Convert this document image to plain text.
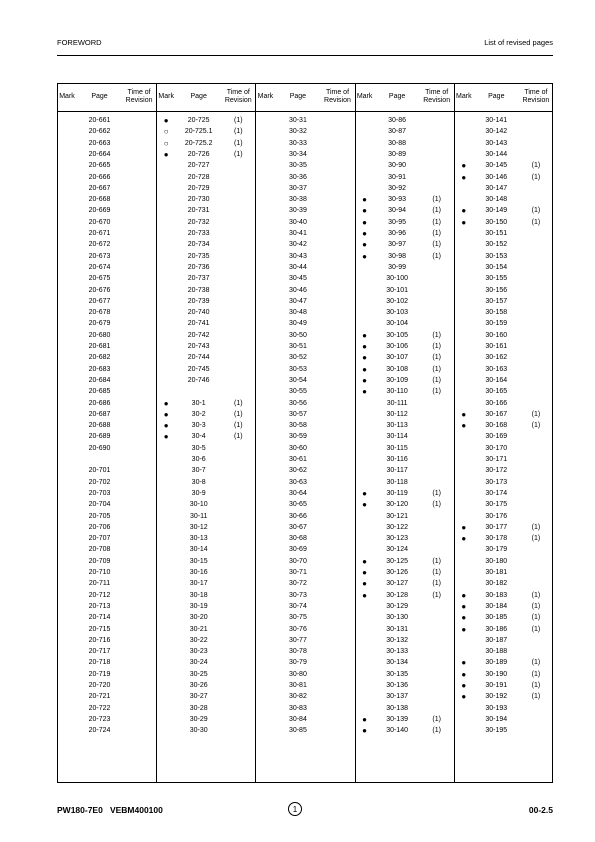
FOREWORD	List of revised pages
Mark	Page
Time of
Revision
20-661
20-662
20-663
20-664
20-665
20-666
20-667
20-668
20-669
20-670
20-671
20-672
20-673
20-674
20-675
20-676
20-677
20-678
20-679
20-680
20-681
20-682
20-683
20-684
20-685
20-686
20-687
20-688
20-689
20-690
20-701
20-702
20-703
20-704
20-705
20-706
20-707
20-708
20-709
20-710
20-711
20-712
20-713
20-714
20-715
20-716
20-717
20-718
20-719
20-720
20-721
20-722
20-723
20-724
Mark	Page
Time of
Revision
●	20-725	(1)
○	20-725.1	(1)
○	20-725.2	(1)
●	20-726	(1)
20-727
20-728
20-729
20-730
20-731
20-732
20-733
20-734
20-735
20-736
20-737
20-738
20-739
20-740
20-741
20-742
20-743
20-744
20-745
20-746
●	30-1	(1)
●	30-2	(1)
●	30-3	(1)
●	30-4	(1)
30-5
30-6
30-7
30-8
30-9
30-10
30-11
30-12
30-13
30-14
30-15
30-16
30-17
30-18
30-19
30-20
30-21
30-22
30-23
30-24
30-25
30-26
30-27
30-28
30-29
30-30
Mark	Page
Time of
Revision
30-31
30-32
30-33
30-34
30-35
30-36
30-37
30-38
30-39
30-40
30-41
30-42
30-43
30-44
30-45
30-46
30-47
30-48
30-49
30-50
30-51
30-52
30-53
30-54
30-55
30-56
30-57
30-58
30-59
30-60
30-61
30-62
30-63
30-64
30-65
30-66
30-67
30-68
30-69
30-70
30-71
30-72
30-73
30-74
30-75
30-76
30-77
30-78
30-79
30-80
30-81
30-82
30-83
30-84
30-85
Mark	Page
Time of
Revision
30-86
30-87
30-88
30-89
30-90
30-91
30-92
●	30-93	(1)
●	30-94	(1)
●	30-95	(1)
●	30-96	(1)
●	30-97	(1)
●	30-98	(1)
30-99
30-100
30-101
30-102
30-103
30-104
●	30-105	(1)
●	30-106	(1)
●	30-107	(1)
●	30-108	(1)
●	30-109	(1)
●	30-110	(1)
30-111
30-112
30-113
30-114
30-115
30-116
30-117
30-118
●	30-119	(1)
●	30-120	(1)
30-121
30-122
30-123
30-124
●	30-125	(1)
●	30-126	(1)
●	30-127	(1)
●	30-128	(1)
30-129
30-130
30-131
30-132
30-133
30-134
30-135
30-136
30-137
30-138
●	30-139	(1)
●	30-140	(1)
Mark	Page
Time of
Revision
30-141
30-142
30-143
30-144
●	30-145	(1)
●	30-146	(1)
30-147
30-148
●	30-149	(1)
●	30-150	(1)
30-151
30-152
30-153
30-154
30-155
30-156
30-157
30-158
30-159
30-160
30-161
30-162
30-163
30-164
30-165
30-166
●	30-167	(1)
●	30-168	(1)
30-169
30-170
30-171
30-172
30-173
30-174
30-175
30-176
●	30-177	(1)
●	30-178	(1)
30-179
30-180
30-181
30-182
●	30-183	(1)
●	30-184	(1)
●	30-185	(1)
●	30-186	(1)
30-187
30-188
●	30-189	(1)
●	30-190	(1)
●	30-191	(1)
●	30-192	(1)
30-193
30-194
30-195
PW180-7E0 VEBM400100	1	00-2.5
